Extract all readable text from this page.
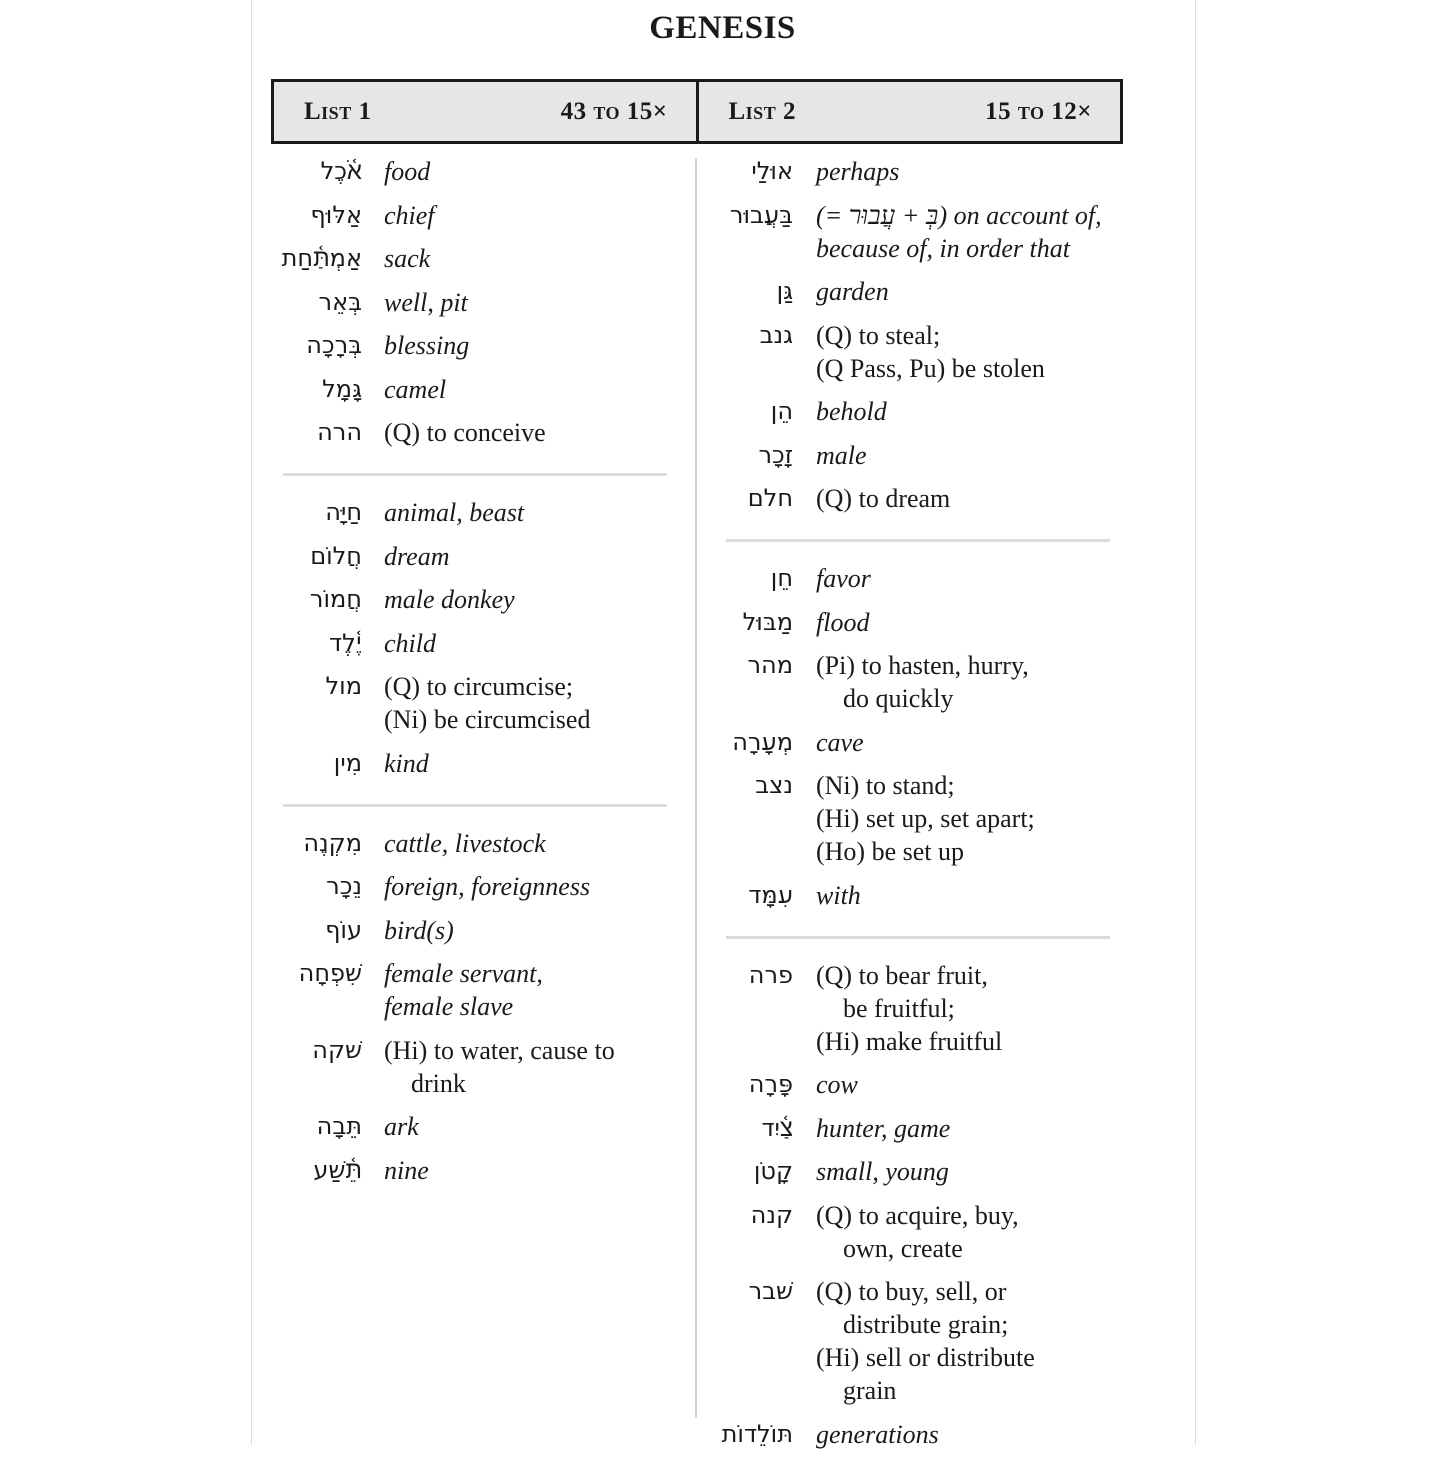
GENESIS
List 1	43 to 15× List 2	15 to 12×
אֹ֫כֶל food
אַלּוּף chief
אַמְתַּ֫חַת sack
בְּאֵר well, pit
בְּרָכָה blessing
גָּמָל camel
הרה (Q) to conceive
חַיָּה animal, beast
חֲלוֹם dream
חֲמוֹר male donkey
יֶ֫לֶד child
מול (Q) to circumcise;
(Ni) be circumcised
מִין kind
מִקְנֶה cattle, livestock
נֵכָר foreign, foreignness
עוֹף bird(s)
שִׁפְחָה female servant,
female slave
שׁקה (Hi) to water, cause to
drink
תֵּבָה ark
תֵּ֫שַׁע nine
אוּלַי perhaps
בַּעֲבוּר (= בְּ + עֲבוּר) on account of,
because of, in order that
גַּן garden
גנב (Q) to steal;
(Q Pass, Pu) be stolen
הֵן behold
זָכָר male
חלם (Q) to dream
חֵן favor
מַבּוּל flood
מהר (Pi) to hasten, hurry,
do quickly
מְעָרָה cave
נצב (Ni) to stand;
(Hi) set up, set apart;
(Ho) be set up
עִמָּד with
פרה (Q) to bear fruit,
be fruitful;
(Hi) make fruitful
פָּרָה cow
צַ֫יִד hunter, game
קָטֹן small, young
קנה (Q) to acquire, buy,
own, create
שׁבר (Q) to buy, sell, or
distribute grain;
(Hi) sell or distribute
grain
תּוֹלֵדוֹת generations
